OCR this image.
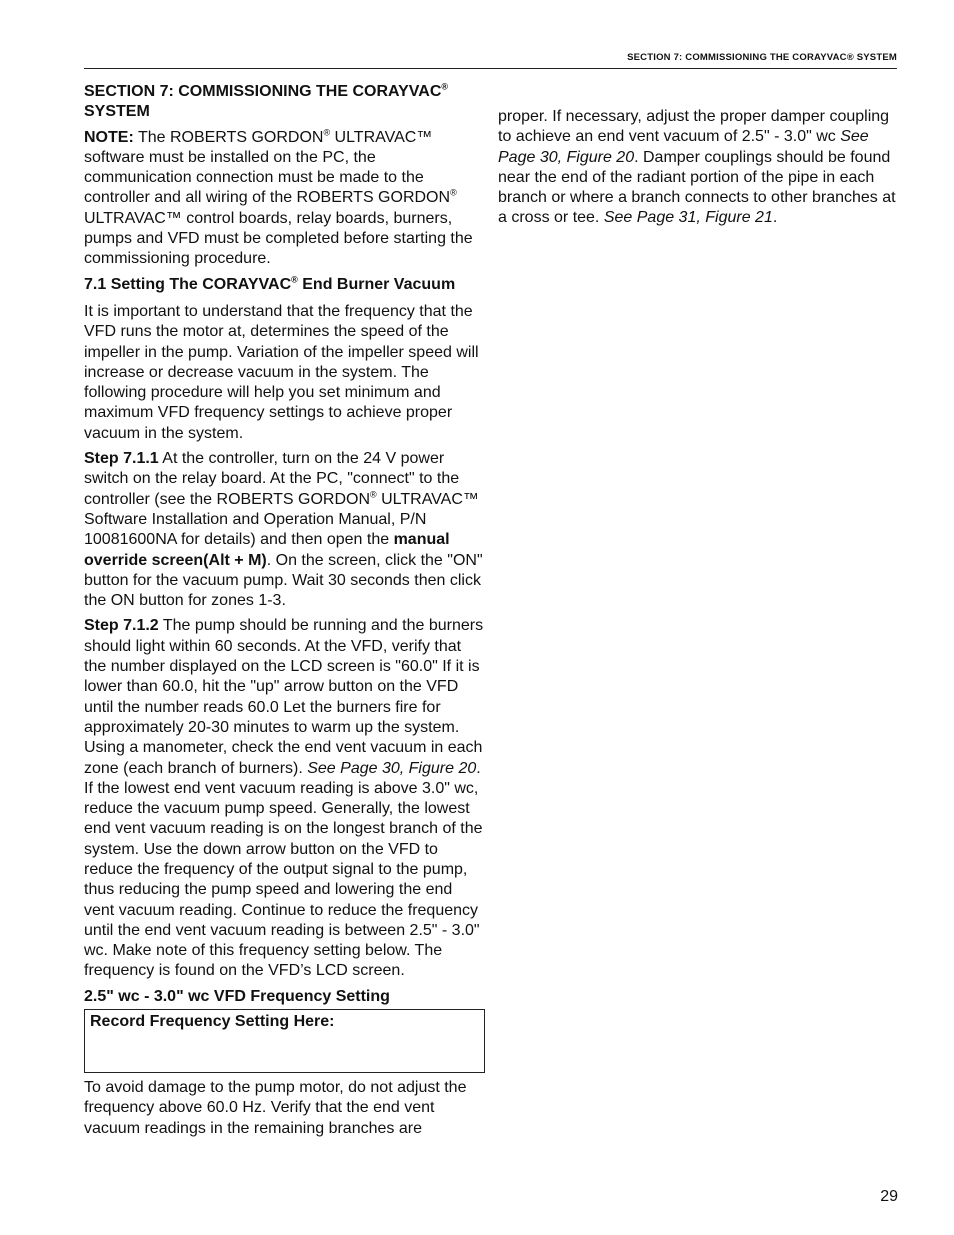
SECTION 7: COMMISSIONING THE CORAYVAC® SYSTEM
SECTION 7: COMMISSIONING THE CORAYVAC® SYSTEM

NOTE: The ROBERTS GORDON® ULTRAVAC™ software must be installed on the PC, the communication connection must be made to the controller and all wiring of the ROBERTS GORDON® ULTRAVAC™ control boards, relay boards, burners, pumps and VFD must be completed before starting the commissioning procedure.

7.1 Setting The CORAYVAC® End Burner Vacuum

It is important to understand that the frequency that the VFD runs the motor at, determines the speed of the impeller in the pump. Variation of the impeller speed will increase or decrease vacuum in the system. The following procedure will help you set minimum and maximum VFD frequency settings to achieve proper vacuum in the system.

Step 7.1.1 At the controller, turn on the 24 V power switch on the relay board. At the PC, "connect" to the controller (see the ROBERTS GORDON® ULTRAVAC™ Software Installation and Operation Manual, P/N 10081600NA for details) and then open the manual override screen(Alt + M). On the screen, click the "ON" button for the vacuum pump. Wait 30 seconds then click the ON button for zones 1-3.

Step 7.1.2 The pump should be running and the burners should light within 60 seconds. At the VFD, verify that the number displayed on the LCD screen is "60.0" If it is lower than 60.0, hit the "up" arrow button on the VFD until the number reads 60.0 Let the burners fire for approximately 20-30 minutes to warm up the system. Using a manometer, check the end vent vacuum in each zone (each branch of burners). See Page 30, Figure 20.

If the lowest end vent vacuum reading is above 3.0" wc, reduce the vacuum pump speed. Generally, the lowest end vent vacuum reading is on the longest branch of the system. Use the down arrow button on the VFD to reduce the frequency of the output signal to the pump, thus reducing the pump speed and lowering the end vent vacuum reading. Continue to reduce the frequency until the end vent vacuum reading is between 2.5" - 3.0" wc. Make note of this frequency setting below. The frequency is found on the VFD’s LCD screen.

2.5" wc - 3.0" wc VFD Frequency Setting
Record Frequency Setting Here:

To avoid damage to the pump motor, do not adjust the frequency above 60.0 Hz. Verify that the end vent vacuum readings in the remaining branches are

proper. If necessary, adjust the proper damper coupling to achieve an end vent vacuum of 2.5" - 3.0" wc See Page 30, Figure 20. Damper couplings should be found near the end of the radiant portion of the pipe in each branch or where a branch connects to other branches at a cross or tee. See Page 31, Figure 21.

29
